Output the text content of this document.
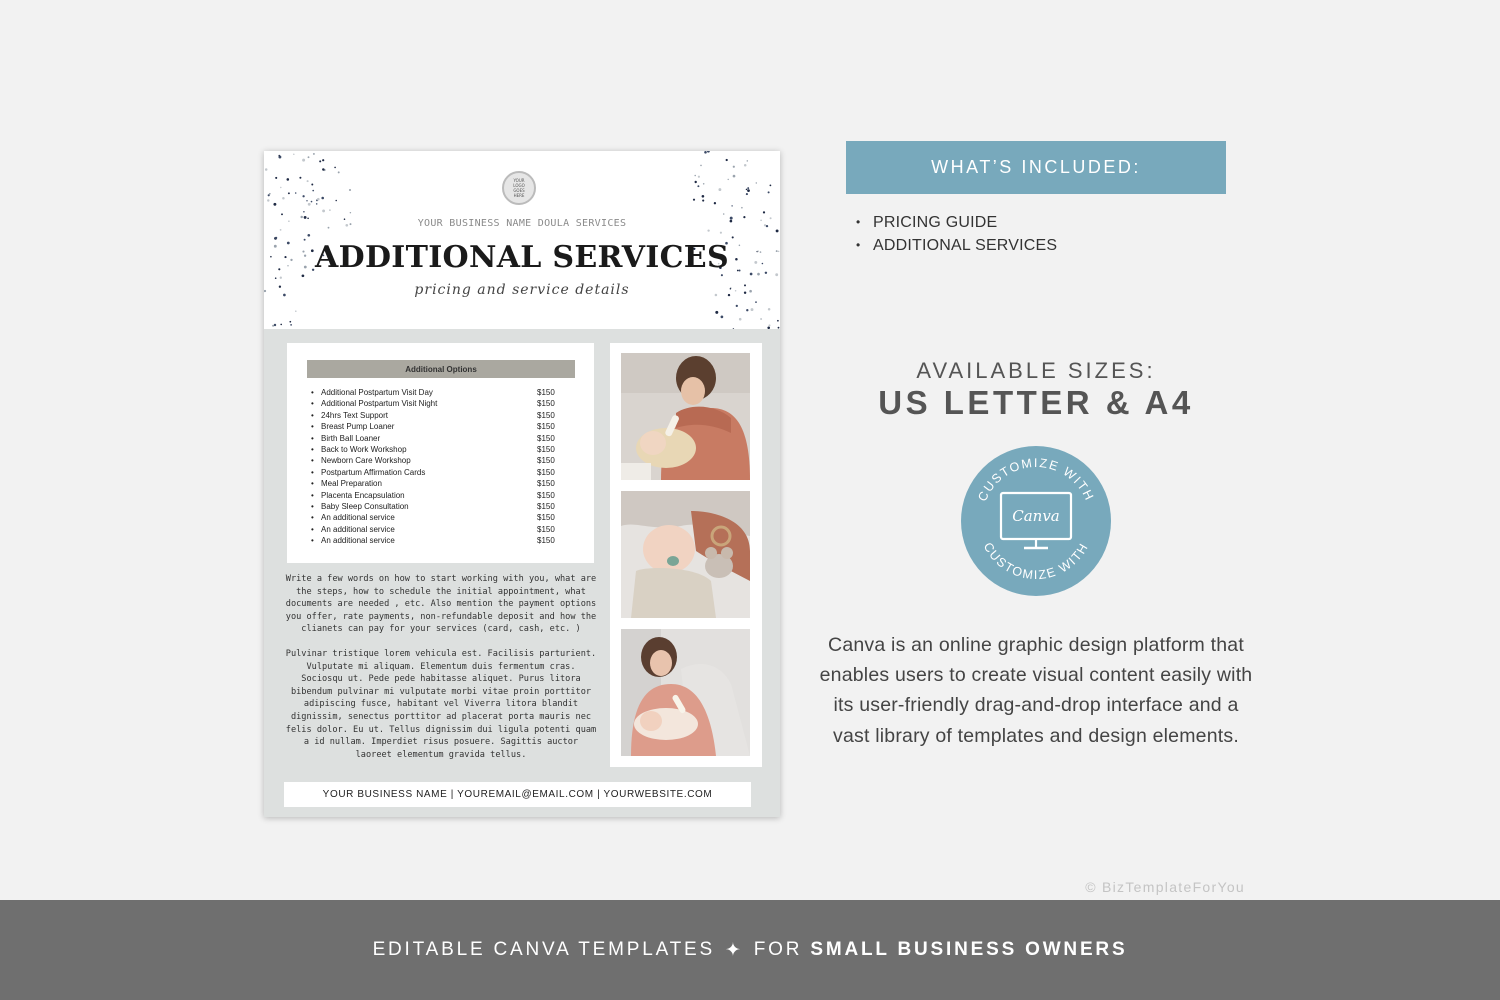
YOUR LOGO GOES HERE
YOUR BUSINESS NAME DOULA SERVICES
ADDITIONAL SERVICES
pricing and service details
Additional Options
• Additional Postpartum Visit Day	$150
• Additional Postpartum Visit Night	$150
• 24hrs Text Support	$150
• Breast Pump Loaner	$150
• Birth Ball Loaner	$150
• Back to Work Workshop	$150
• Newborn Care Workshop	$150
• Postpartum Affirmation Cards	$150
• Meal Preparation	$150
• Placenta Encapsulation	$150
• Baby Sleep Consultation	$150
• An additional service	$150
• An additional service	$150
• An additional service	$150

Write a few words on how to start working with you, what are the steps, how to schedule the initial appointment, what documents are needed , etc. Also mention the payment options you offer, rate payments, non-refundable deposit and how the clianets can pay for your services (card, cash, etc. )

Pulvinar tristique lorem vehicula est. Facilisis parturient. Vulputate mi aliquam. Elementum duis fermentum cras. Sociosqu ut. Pede pede habitasse aliquet. Purus litora bibendum pulvinar mi vulputate morbi vitae proin porttitor adipiscing fusce, habitant vel Viverra litora blandit dignissim, senectus porttitor ad placerat porta mauris nec felis dolor. Eu ut. Tellus dignissim dui ligula potenti quam a id nullam. Imperdiet risus posuere. Sagittis auctor laoreet elementum gravida tellus.

YOUR BUSINESS NAME | YOUREMAIL@EMAIL.COM | YOURWEBSITE.COM
WHAT’S INCLUDED:
• PRICING GUIDE
• ADDITIONAL SERVICES
AVAILABLE SIZES:
US LETTER & A4
CUSTOMIZE WITH
CUSTOMIZE WITH
Canva
Canva is an online graphic design platform that enables users to create visual content easily with its user-friendly drag-and-drop interface and a vast library of templates and design elements.
© BizTemplateForYou
EDITABLE CANVA TEMPLATES ✦ FOR
SMALL BUSINESS OWNERS
